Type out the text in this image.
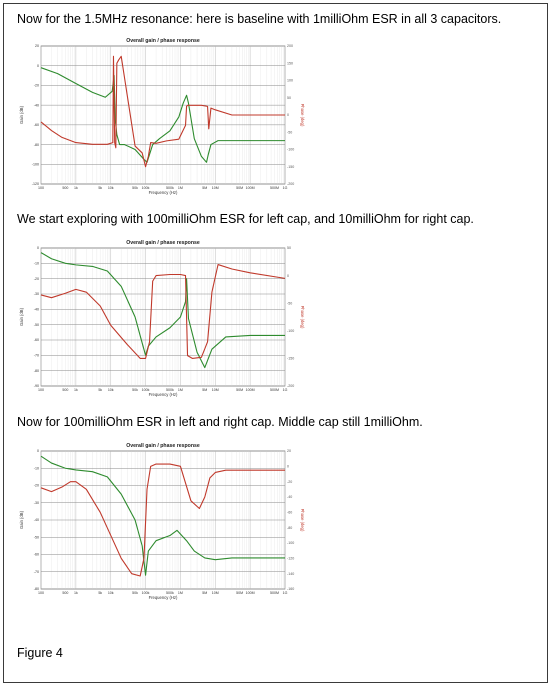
Now for the 1.5MHz resonance: here is baseline with 1milliOhm ESR in all 3 capacitors.
Overall gain / phase response
20
0
-20
-40
-60
-80
-100
-120
200
150
100
50
0
-50
-100
-150
-200
100	500 1k	5k 10k	50k 100k	500k 1M	5M 10M	50M 100M	500M 1G
Frequency (Hz)
Gain (dB)	Phase (deg)
We start exploring with 100milliOhm ESR for left cap, and 10milliOhm for right cap.
Overall gain / phase response
0
-10
-20
-30
-40
-50
-60
-70
-80
-90
50
0
-50
-100
-150
-200
100	500 1k	5k 10k	50k 100k	500k 1M	5M 10M	50M 100M	500M 1G
Frequency (Hz)
Gain (dB)	Phase (deg)
Now for 100milliOhm ESR in left and right cap. Middle cap still 1milliOhm.
Overall gain / phase response
0
-10
-20
-30
-40
-50
-60
-70
-80
20
0
-20
-40
-60
-80
-100
-120
-140
-160
100	500 1k	5k 10k	50k 100k	500k 1M	5M 10M	50M 100M	500M 1G
Frequency (Hz)
Gain (dB)	Phase (deg)
Figure 4
